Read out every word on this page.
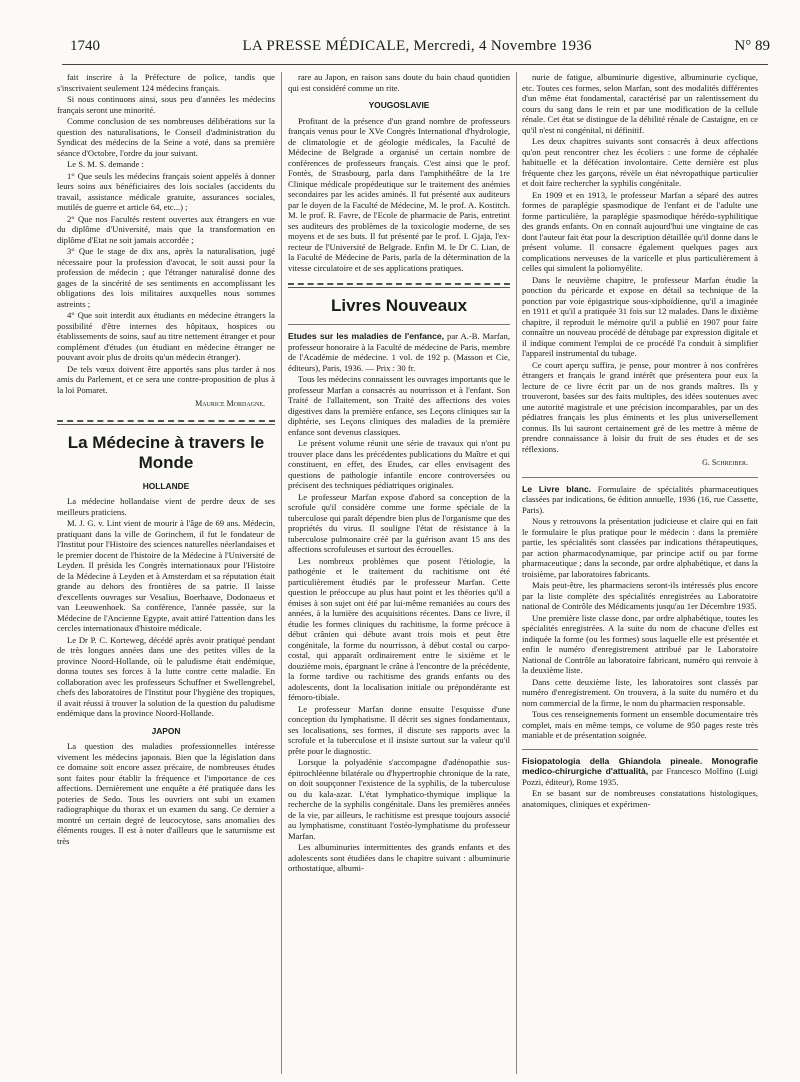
1740	LA PRESSE MÉDICALE, Mercredi, 4 Novembre 1936	N° 89

fait inscrire à la Préfecture de police, tandis que s'inscrivaient seulement 124 médecins français.

Si nous continuons ainsi, sous peu d'années les médecins français seront une minorité.

Comme conclusion de ses nombreuses délibérations sur la question des naturalisations, le Conseil d'administration du Syndicat des médecins de la Seine a voté, dans sa première séance d'Octobre, l'ordre du jour suivant.

Le S. M. S. demande :

1° Que seuls les médecins français soient appelés à donner leurs soins aux bénéficiaires des lois sociales (accidents du travail, assistance médicale gratuite, assurances sociales, mutilés de guerre et article 64, etc...) ;

2° Que nos Facultés restent ouvertes aux étrangers en vue du diplôme d'Université, mais que la transformation en diplôme d'Etat ne soit jamais accordée ;

3° Que le stage de dix ans, après la naturalisation, jugé nécessaire pour la profession d'avocat, le soit aussi pour la profession de médecin ; que l'étranger naturalisé donne des gages de la sincérité de ses sentiments en accomplissant les obligations des lois militaires auxquelles nous sommes astreints ;

4° Que soit interdit aux étudiants en médecine étrangers la possibilité d'être internes des hôpitaux, hospices ou établissements de soins, sauf au titre nettement étranger et pour complément d'études (un étudiant en médecine étranger ne pouvant avoir plus de droits qu'un médecin étranger).

De tels vœux doivent être apportés sans plus tarder à nos amis du Parlement, et ce sera une contre-proposition de plus à la loi Pomaret.

Maurice Mordagne.
La Médecine à travers le Monde
HOLLANDE

La médecine hollandaise vient de perdre deux de ses meilleurs praticiens.

M. J. G. v. Lint vient de mourir à l'âge de 69 ans. Médecin, pratiquant dans la ville de Gorinchem, il fut le fondateur de l'Institut pour l'Histoire des sciences naturelles néerlandaises et le premier docent de l'histoire de la Médecine à l'Université de Leyden. Il présida les Congrès internationaux pour l'Histoire de la Médecine à Leyden et à Amsterdam et sa réputation était grande au dehors des frontières de sa patrie. Il laisse d'excellents ouvrages sur Vesalius, Boerhaave, Dodonaeus et van Leeuwenhoek. Sa conférence, l'année passée, sur la Médecine de l'Ancienne Egypte, avait attiré l'attention dans les cercles internationaux d'histoire médicale.

Le Dr P. C. Korteweg, décédé après avoir pratiqué pendant de très longues années dans une des petites villes de la province Noord-Hollande, où le paludisme était endémique, donna toutes ses forces à la lutte contre cette maladie. En collaboration avec les professeurs Schuffner et Swellengrebel, chefs des laboratoires de l'Institut pour l'hygiène des tropiques, il avait réussi à trouver la solution de la question du paludisme endémique dans la province Noord-Hollande.

JAPON

La question des maladies professionnelles intéresse vivement les médecins japonais. Bien que la législation dans ce domaine soit encore assez précaire, de nombreuses études sont faites pour établir la fréquence et l'importance de ces affections. Dernièrement une enquête a été pratiquée dans les poteries de Sedo. Tous les ouvriers ont subi un examen radiographique du thorax et un examen du sang. Ce dernier a montré un certain degré de leucocytose, sans anomalies des éléments rouges. Il est à noter d'ailleurs que le saturnisme est très

rare au Japon, en raison sans doute du bain chaud quotidien qui est considéré comme un rite.

YOUGOSLAVIE

Profitant de la présence d'un grand nombre de professeurs français venus pour le XVe Congrès International d'hydrologie, de climatologie et de géologie médicales, la Faculté de Médecine de Belgrade a organisé un certain nombre de conférences de professeurs français. C'est ainsi que le prof. Fontès, de Strasbourg, parla dans l'amphithéâtre de la 1re Clinique médicale propédeutique sur le traitement des anémies secondaires par les acides aminés. Il fut présenté aux auditeurs par le doyen de la Faculté de Médecine, M. le prof. A. Kostitch. M. le prof. R. Favre, de l'Ecole de pharmacie de Paris, entretint ses auditeurs des problèmes de la toxicologie moderne, de ses moyens et de ses buts. Il fut présenté par le prof. I. Gjaja, l'ex-recteur de l'Université de Belgrade. Enfin M. le Dr C. Lian, de la Faculté de Médecine de Paris, parla de la détermination de la vitesse circulatoire et de ses applications pratiques.

Livres Nouveaux

Etudes sur les maladies de l'enfance, par A.-B. Marfan, professeur honoraire à la Faculté de médecine de Paris, membre de l'Académie de médecine. 1 vol. de 192 p. (Masson et Cie, éditeurs), Paris, 1936. — Prix : 30 fr.

Tous les médecins connaissent les ouvrages importants que le professeur Marfan a consacrés au nourrisson et à l'enfant. Son Traité de l'allaitement, son Traité des affections des voies digestives dans la première enfance, ses Leçons cliniques sur la diphtérie, ses Leçons cliniques des maladies de la première enfance sont devenus classiques.

Le présent volume réunit une série de travaux qui n'ont pu trouver place dans les précédentes publications du Maître et qui constituent, en effet, des Etudes, car elles envisagent des questions de pathologie infantile encore controversées ou précisent des techniques pédiatriques originales.

Le professeur Marfan expose d'abord sa conception de la scrofule qu'il considère comme une forme spéciale de la tuberculose qui paraît dépendre bien plus de l'organisme que des propriétés du virus. Il souligne l'état de résistance à la tuberculose pulmonaire créé par la guérison avant 15 ans des affections scrofuleuses et surtout des écrouelles.

Les nombreux problèmes que posent l'étiologie, la pathogénie et le traitement du rachitisme ont été particulièrement étudiés par le professeur Marfan. Cette question le préoccupe au plus haut point et les théories qu'il a émises à son sujet ont été par lui-même remaniées au cours des années, à la lumière des acquisitions récentes. Dans ce livre, il étudie les formes cliniques du rachitisme, la forme précoce à début crânien qui débute avant trois mois et peut être congénitale, la forme du nourrisson, à début costal ou carpo-costal, qui apparaît ordinairement entre le sixième et le douzième mois, épargnant le crâne à l'encontre de la précédente, la forme tardive ou rachitisme des grands enfants ou des adolescents, dont la localisation initiale ou prépondérante est fémoro-tibiale.

Le professeur Marfan donne ensuite l'esquisse d'une conception du lymphatisme. Il décrit ses signes fondamentaux, ses localisations, ses formes, il discute ses rapports avec la scrofule et la tuberculose et il insiste surtout sur la valeur qu'il prête pour le diagnostic.

Lorsque la polyadénie s'accompagne d'adénopathie sus-épitrochléenne bilatérale ou d'hypertrophie chronique de la rate, on doit soupçonner l'existence de la syphilis, de la tuberculose ou du kala-azar. L'état lymphatico-thymique implique la recherche de la syphilis congénitale. Dans les premières années de la vie, par ailleurs, le rachitisme est presque toujours associé au lymphatisme, constituant l'ostéo-lymphatisme du professeur Marfan.

Les albuminuries intermittentes des grands enfants et des adolescents sont étudiées dans le chapitre suivant : albuminurie orthostatique, albumi-

nurie de fatigue, albuminurie digestive, albuminurie cyclique, etc. Toutes ces formes, selon Marfan, sont des modalités différentes d'un même état fondamental, caractérisé par un ralentissement du cours du sang dans le rein et par une modification de la cellule rénale. Cet état se distingue de la débilité rénale de Castaigne, en ce qu'il n'est ni congénital, ni définitif.

Les deux chapitres suivants sont consacrés à deux affections qu'on peut rencontrer chez les écoliers : une forme de céphalée habituelle et la défécation involontaire. Cette dernière est plus fréquente chez les garçons, révèle un état névropathique particulier et doit faire rechercher la syphilis congénitale.

En 1909 et en 1913, le professeur Marfan a séparé des autres formes de paraplégie spasmodique de l'enfant et de l'adulte une forme particulière, la paraplégie spasmodique hérédo-syphilitique des grands enfants. On en connaît aujourd'hui une vingtaine de cas dont l'auteur fait état pour la description détaillée qu'il donne dans le présent volume. Il consacre également quelques pages aux complications nerveuses de la varicelle et plus particulièrement à celles qui simulent la poliomyélite.

Dans le neuvième chapitre, le professeur Marfan étudie la ponction du péricarde et expose en détail sa technique de la ponction par voie épigastrique sous-xiphoïdienne, qu'il a imaginée en 1911 et qu'il a pratiquée 31 fois sur 12 malades. Dans le dixième chapitre, il reproduit le mémoire qu'il a publié en 1907 pour faire connaître un nouveau procédé de détubage par expression digitale et il indique comment l'emploi de ce procédé l'a conduit à simplifier l'appareil instrumental du tubage.

Ce court aperçu suffira, je pense, pour montrer à nos confrères étrangers et français le grand intérêt que présentera pour eux la lecture de ce livre écrit par un de nos grands maîtres. Ils y trouveront, basées sur des faits multiples, des idées soutenues avec une autorité magistrale et une précision incomparables, par un des pédiatres français les plus éminents et les plus universellement connus. Ils lui sauront certainement gré de les mettre à même de prendre connaissance à loisir du fruit de ses études et de ses réflexions.

G. Schreiber.

Le Livre blanc. Formulaire de spécialités pharmaceutiques classées par indications, 6e édition annuelle, 1936 (16, rue Cassette, Paris).

Nous y retrouvons la présentation judicieuse et claire qui en fait le formulaire le plus pratique pour le médecin : dans la première partie, les spécialités sont classées par indications thérapeutiques, par action pharmacodynamique, par principe actif ou par forme pharmaceutique ; dans la seconde, par ordre alphabétique, et dans la troisième, par laboratoires fabricants.

Mais peut-être, les pharmaciens seront-ils intéressés plus encore par la liste complète des spécialités enregistrées au Laboratoire national de Contrôle des Médicaments jusqu'au 1er Décembre 1935.

Une première liste classe donc, par ordre alphabétique, toutes les spécialités enregistrées. A la suite du nom de chacune d'elles est indiquée la forme (ou les formes) sous laquelle elle est présentée et enfin le numéro d'enregistrement attribué par le Laboratoire National de Contrôle au laboratoire fabricant, numéro qui renvoie à la deuxième liste.

Dans cette deuxième liste, les laboratoires sont classés par numéro d'enregistrement. On trouvera, à la suite du numéro et du nom commercial de la firme, le nom du pharmacien responsable.

Tous ces renseignements forment un ensemble documentaire très complet, mais en même temps, ce volume de 950 pages reste très maniable et de présentation soignée.

Fisiopatologia della Ghiandola pineale. Monografie medico-chirurgiche d'attualità, par Francesco Molfino (Luigi Pozzi, éditeur), Rome 1935.

En se basant sur de nombreuses constatations histologiques, anatomiques, cliniques et expérimen-
